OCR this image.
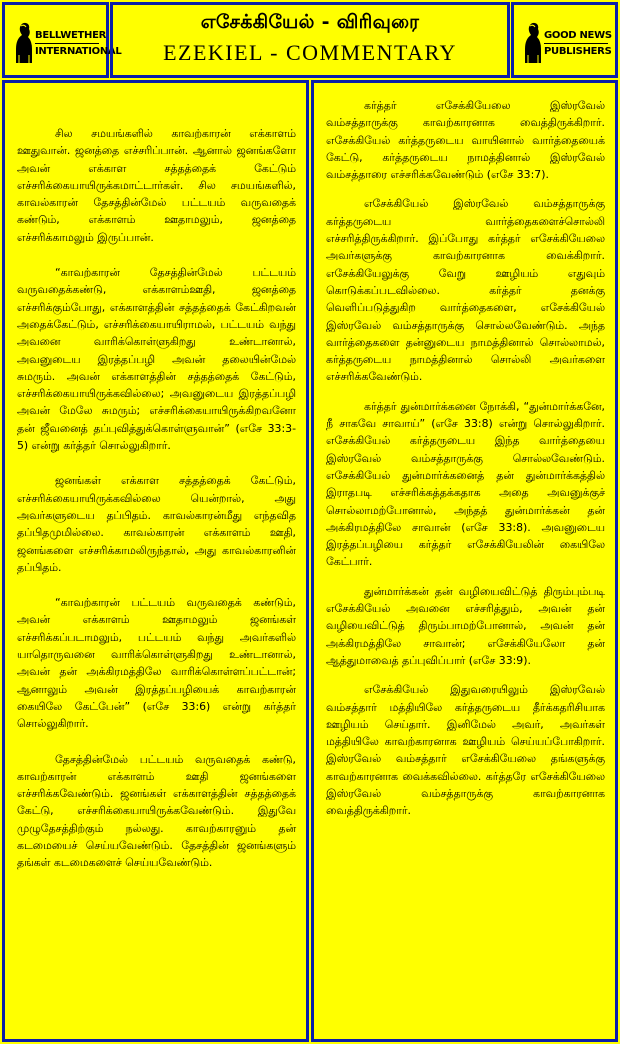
BELLWETHER
INTERNATIONAL
எசேக்கியேல் - விரிவுரை
EZEKIEL - COMMENTARY
GOOD NEWS
PUBLISHERS

சில சமயங்களில் காவற்காரன் எக்காளம் ஊதுவான். ஜனத்தை எச்சரிப்பான். ஆனால் ஜனங்களோ அவன் எக்காள சத்தத்தைக் கேட்டும் எச்சரிக்கையாயிருக்கமாட்டார்கள். சில சமயங்களில், காவல்காரன் தேசத்தின்மேல் பட்டயம் வருவதைக் கண்டும், எக்காளம் ஊதாமலும், ஜனத்தை எச்சரிக்காமலும் இருப்பான்.

“காவற்காரன் தேசத்தின்மேல் பட்டயம் வருவதைக்கண்டு, எக்காளம்ஊதி, ஜனத்தை எச்சரிக்கும்போது, எக்காளத்தின் சத்தத்தைக் கேட்கிறவன் அதைக்கேட்டும், எச்சரிக்கையாயிராமல், பட்டயம் வந்து அவனை வாரிக்கொள்ளுகிறது உண்டானால், அவனுடைய இரத்தப்பழி அவன் தலையின்மேல் சுமரும். அவன் எக்காளத்தின் சத்தத்தைக் கேட்டும், எச்சரிக்கையாயிருக்கவில்லை; அவனுடைய இரத்தப்பழி அவன் மேலே சுமரும்; எச்சரிக்கையாயிருக்கிறவனோ தன் ஜீவனைத் தப்புவித்துக்கொள்ளுவான்” (எசே 33:3-5) என்று கர்த்தர் சொல்லுகிறார்.

ஜனங்கள் எக்காள சத்தத்தைக் கேட்டும், எச்சரிக்கையாயிருக்கவில்லை யென்றால், அது அவர்களுடைய தப்பிதம். காவல்காரன்மீது எந்தவித தப்பிதமுமில்லை. காவல்காரன் எக்காளம் ஊதி, ஜனங்களை எச்சரிக்காமலிருந்தால், அது காவல்காரனின் தப்பிதம்.

“காவற்காரன் பட்டயம் வருவதைக் கண்டும், அவன் எக்காளம் ஊதாமலும் ஜனங்கள் எச்சரிக்கப்படாமலும், பட்டயம் வந்து அவர்களில் யாதொருவனை வாரிக்கொள்ளுகிறது உண்டானால், அவன் தன் அக்கிரமத்திலே வாரிக்கொள்ளப்பட்டான்; ஆனாலும் அவன் இரத்தப்பழியைக் காவற்காரன் கையிலே கேட்பேன்” (எசே 33:6) என்று கர்த்தர் சொல்லுகிறார்.

தேசத்தின்மேல் பட்டயம் வருவதைக் கண்டு, காவற்காரன் எக்காளம் ஊதி ஜனங்களை எச்சரிக்கவேண்டும். ஜனங்கள் எக்காளத்தின் சத்தத்தைக் கேட்டு, எச்சரிக்கையாயிருக்கவேண்டும். இதுவே முழுதேசத்திற்கும் நல்லது. காவற்காரனும் தன் கடமையைச் செய்யவேண்டும். தேசத்தின் ஜனங்களும் தங்கள் கடமைகளைச் செய்யவேண்டும்.

கர்த்தர் எசேக்கியேலை இஸ்ரவேல் வம்சத்தாருக்கு காவற்காரனாக வைத்திருக்கிறார். எசேக்கியேல் கர்த்தருடைய வாயினால் வார்த்தையைக் கேட்டு, கர்த்தருடைய நாமத்தினால் இஸ்ரவேல் வம்சத்தாரை எச்சரிக்கவேண்டும் (எசே 33:7).

எசேக்கியேல் இஸ்ரவேல் வம்சத்தாருக்கு கர்த்தருடைய வார்த்தைகளைச்சொல்லி எச்சரித்திருக்கிறார். இப்போது கர்த்தர் எசேக்கியேலை அவர்களுக்கு காவற்காரனாக வைக்கிறார். எசேக்கியேலுக்கு வேறு ஊழியம் எதுவும் கொடுக்கப்படவில்லை. கர்த்தர் தனக்கு வெளிப்படுத்துகிற வார்த்தைகளை, எசேக்கியேல் இஸ்ரவேல் வம்சத்தாருக்கு சொல்லவேண்டும். அந்த வார்த்தைகளை தன்னுடைய நாமத்தினால் சொல்லாமல், கர்த்தருடைய நாமத்தினால் சொல்லி அவர்களை எச்சரிக்கவேண்டும்.

கர்த்தர் துன்மார்க்கனை நோக்கி, “துன்மார்க்கனே, நீ சாகவே சாவாய்” (எசே 33:8) என்று சொல்லுகிறார். எசேக்கியேல் கர்த்தருடைய இந்த வார்த்தையை இஸ்ரவேல் வம்சத்தாருக்கு சொல்லவேண்டும். எசேக்கியேல் துன்மார்க்கனைத் தன் துன்மார்க்கத்தில் இராதபடி எச்சரிக்கத்தக்கதாக அதை அவனுக்குச் சொல்லாமற்போனால், அந்தத் துன்மார்க்கன் தன் அக்கிரமத்திலே சாவான் (எசே 33:8). அவனுடைய இரத்தப்பழியை கர்த்தர் எசேக்கியேலின் கையிலே கேட்பார்.

துன்மார்க்கன் தன் வழியைவிட்டுத் திரும்பும்படி எசேக்கியேல் அவனை எச்சரித்தும், அவன் தன் வழியைவிட்டுத் திரும்பாமற்போனால், அவன் தன் அக்கிரமத்திலே சாவான்; எசேக்கியேலோ தன் ஆத்துமாவைத் தப்புவிப்பார் (எசே 33:9).

எசேக்கியேல் இதுவரையிலும் இஸ்ரவேல் வம்சத்தார் மத்தியிலே கர்த்தருடைய தீர்க்கதரிசியாக ஊழியம் செய்தார். இனிமேல் அவர், அவர்கள் மத்தியிலே காவற்காரனாக ஊழியம் செய்யப்போகிறார். இஸ்ரவேல் வம்சத்தார் எசேக்கியேலை தங்களுக்கு காவற்காரனாக வைக்கவில்லை. கர்த்தரே எசேக்கியேலை இஸ்ரவேல் வம்சத்தாருக்கு காவற்காரனாக வைத்திருக்கிறார்.
